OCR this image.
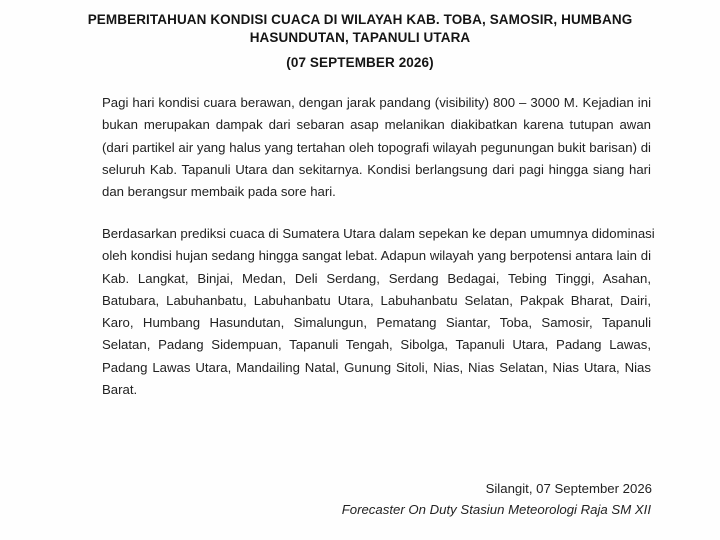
PEMBERITAHUAN KONDISI CUACA DI WILAYAH KAB. TOBA, SAMOSIR, HUMBANG
HASUNDUTAN, TAPANULI UTARA
(07 SEPTEMBER 2026)
Pagi hari kondisi cuara berawan, dengan jarak pandang (visibility) 800 – 3000 M. Kejadian ini
bukan merupakan dampak dari sebaran asap melanikan diakibatkan karena tutupan awan
(dari partikel air yang halus yang tertahan oleh topografi wilayah pegunungan bukit barisan) di
seluruh Kab. Tapanuli Utara dan sekitarnya. Kondisi berlangsung dari pagi hingga siang hari
dan berangsur membaik pada sore hari.
Berdasarkan prediksi cuaca di Sumatera Utara dalam sepekan ke depan umumnya didominasi
oleh kondisi hujan sedang hingga sangat lebat. Adapun wilayah yang berpotensi antara lain di
Kab. Langkat, Binjai, Medan, Deli Serdang, Serdang Bedagai, Tebing Tinggi, Asahan,
Batubara, Labuhanbatu, Labuhanbatu Utara, Labuhanbatu Selatan, Pakpak Bharat, Dairi,
Karo, Humbang Hasundutan, Simalungun, Pematang Siantar, Toba, Samosir, Tapanuli
Selatan, Padang Sidempuan, Tapanuli Tengah, Sibolga, Tapanuli Utara, Padang Lawas,
Padang Lawas Utara, Mandailing Natal, Gunung Sitoli, Nias, Nias Selatan, Nias Utara, Nias
Barat.
Silangit, 07 September 2026
Forecaster On Duty Stasiun Meteorologi Raja SM XII
